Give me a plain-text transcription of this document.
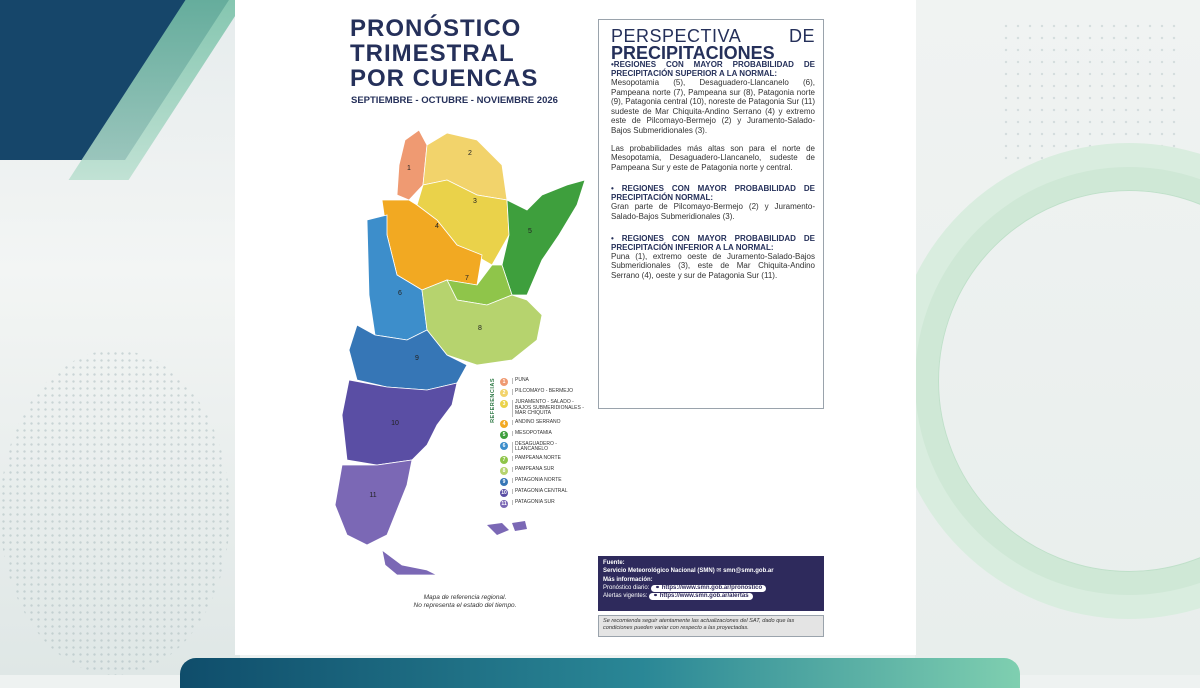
PRONÓSTICO
TRIMESTRAL
POR CUENCAS
SEPTIEMBRE - OCTUBRE - NOVIEMBRE 2026
1
2
3
4
5
6
7
8
9
10
11
Mapa de referencia regional.
No representa el estado del tiempo.
REFERENCIAS	1	PUNA
2	PILCOMAYO - BERMEJO
3	JURAMENTO - SALADO - BAJOS SUBMERIDIONALES - MAR CHIQUITA
4	ANDINO SERRANO
5	MESOPOTAMIA
6	DESAGUADERO - LLANCANELO
7	PAMPEANA NORTE
8	PAMPEANA SUR
9	PATAGONIA NORTE
10	PATAGONIA CENTRAL
11	PATAGONIA SUR
PERSPECTIVA DE
PRECIPITACIONES
•REGIONES CON MAYOR PROBABILIDAD DE PRECIPITACIÓN SUPERIOR A LA NORMAL:
Mesopotamia (5), Desaguadero-Llancanelo (6), Pampeana norte (7), Pampeana sur (8), Patagonia norte (9), Patagonia central (10), noreste de Patagonia Sur (11) sudeste de Mar Chiquita-Andino Serrano (4) y extremo este de Pilcomayo-Bermejo (2) y Juramento-Salado-Bajos Submeridionales (3).
Las probabilidades más altas son para el norte de Mesopotamia, Desaguadero-Llancanelo, sudeste de Pampeana Sur y este de Patagonia norte y central.
• REGIONES CON MAYOR PROBABILIDAD DE PRECIPITACIÓN NORMAL:
Gran parte de Pilcomayo-Bermejo (2) y Juramento-Salado-Bajos Submeridionales (3).
• REGIONES CON MAYOR PROBABILIDAD DE PRECIPITACIÓN INFERIOR A LA NORMAL:
Puna (1), extremo oeste de Juramento-Salado-Bajos Submeridionales (3), este de Mar Chiquita-Andino Serrano (4), oeste y sur de Patagonia Sur (11).
Fuente:
Servicio Meteorológico Nacional (SMN) ✉ smn@smn.gob.ar
Más información:
Pronóstico diario: ⚭ https://www.smn.gob.ar/pronostico
Alertas vigentes: ⚭ https://www.smn.gob.ar/alertas
Se recomienda seguir atentamente las actualizaciones del SAT, dado que las condiciones pueden variar con respecto a las proyectadas.
